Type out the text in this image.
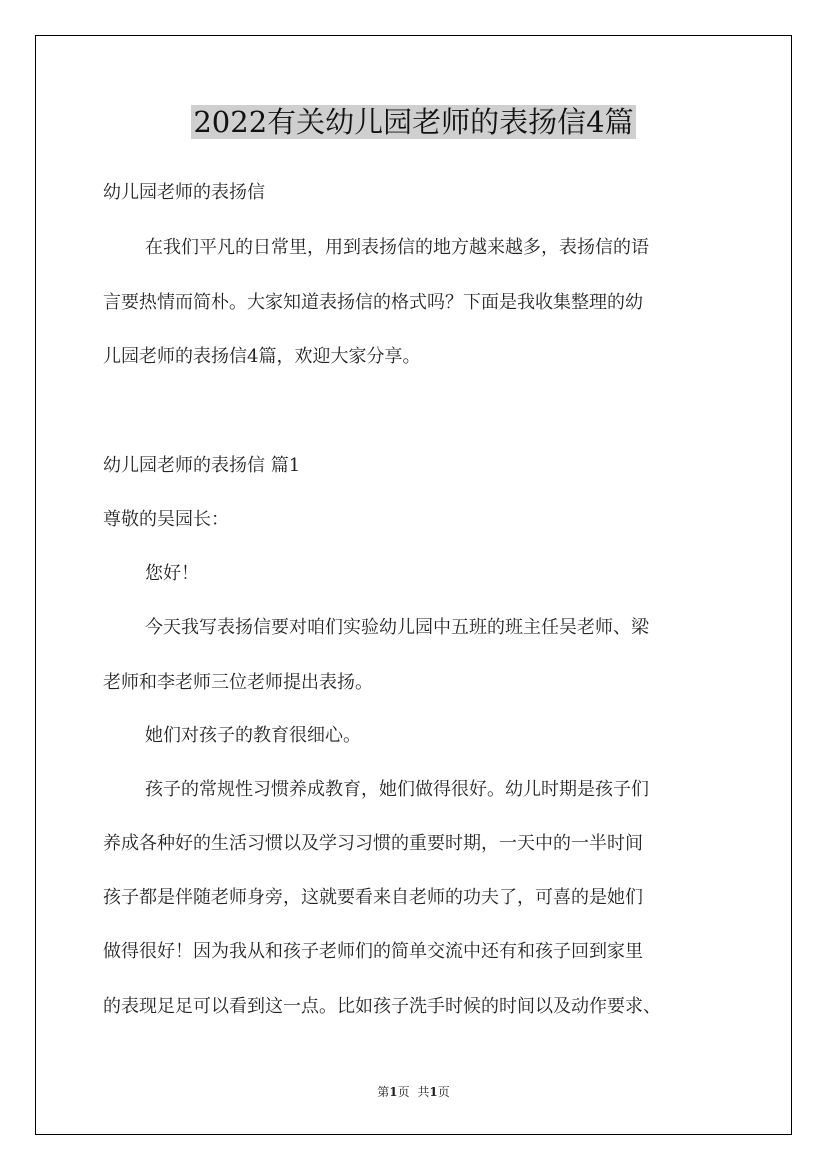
2022有关幼儿园老师的表扬信4篇

幼儿园老师的表扬信

在我们平凡的日常里，用到表扬信的地方越来越多，表扬信的语

言要热情而简朴。大家知道表扬信的格式吗？下面是我收集整理的幼

儿园老师的表扬信4篇，欢迎大家分享。

幼儿园老师的表扬信 篇1

尊敬的吴园长：

您好！

今天我写表扬信要对咱们实验幼儿园中五班的班主任吴老师、梁

老师和李老师三位老师提出表扬。

她们对孩子的教育很细心。

孩子的常规性习惯养成教育，她们做得很好。幼儿时期是孩子们

养成各种好的生活习惯以及学习习惯的重要时期，一天中的一半时间

孩子都是伴随老师身旁，这就要看来自老师的功夫了，可喜的是她们

做得很好！因为我从和孩子老师们的简单交流中还有和孩子回到家里

的表现足足可以看到这一点。比如孩子洗手时候的时间以及动作要求、

第1页 共1页
